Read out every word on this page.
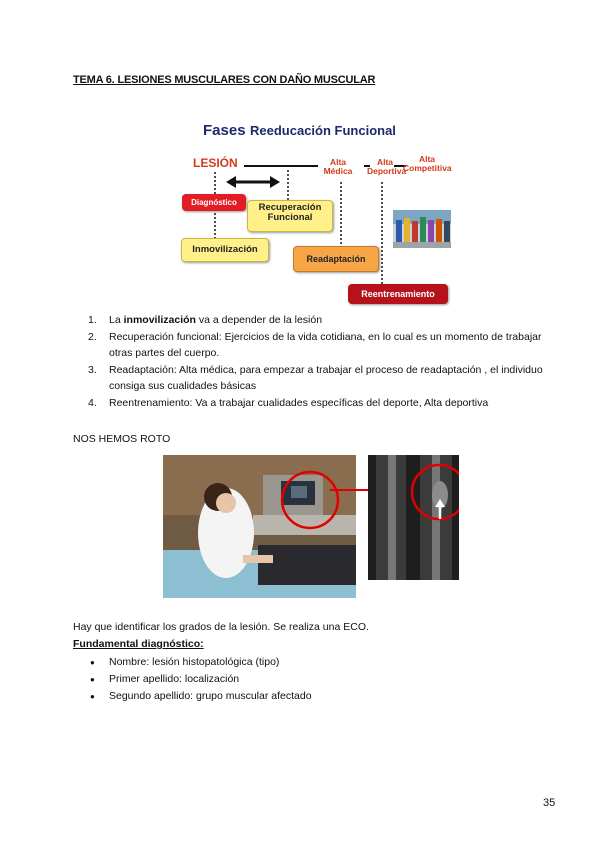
TEMA 6. LESIONES MUSCULARES CON DAÑO MUSCULAR
Fases Reeducación Funcional
LESIÓN	Alta
Médica
Alta
Deportiva
Alta
Competitiva
Diagnóstico	Recuperación
Funcional
Inmovilización
Readaptación
Reentrenamiento
1. La inmovilización va a depender de la lesión
2. Recuperación funcional: Ejercicios de la vida cotidiana, en lo cual es un momento de trabajar otras partes del cuerpo.
3. Readaptación: Alta médica, para empezar a trabajar el proceso de readaptación , el individuo consiga sus cualidades básicas
4. Reentrenamiento: Va a trabajar cualidades específicas del deporte, Alta deportiva
NOS HEMOS ROTO
Hay que identificar los grados de la lesión. Se realiza una ECO.
Fundamental diagnóstico:
● Nombre: lesión histopatológica (tipo)
● Primer apellido: localización
● Segundo apellido: grupo muscular afectado
35
